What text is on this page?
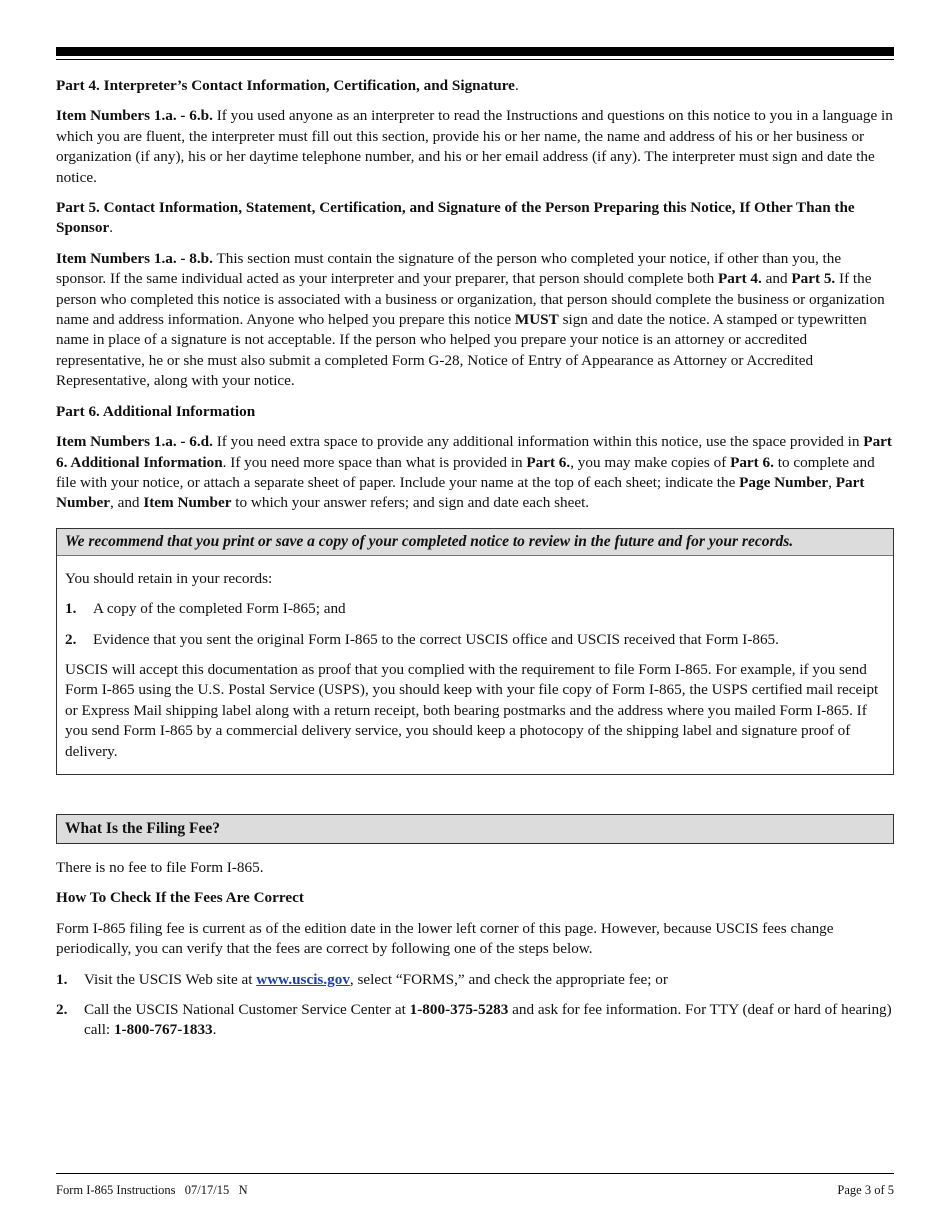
Part 4. Interpreter’s Contact Information, Certification, and Signature.

Item Numbers 1.a. - 6.b. If you used anyone as an interpreter to read the Instructions and questions on this notice to you in a language in which you are fluent, the interpreter must fill out this section, provide his or her name, the name and address of his or her business or organization (if any), his or her daytime telephone number, and his or her email address (if any). The interpreter must sign and date the notice.

Part 5. Contact Information, Statement, Certification, and Signature of the Person Preparing this Notice, If Other Than the Sponsor.

Item Numbers 1.a. - 8.b. This section must contain the signature of the person who completed your notice, if other than you, the sponsor. If the same individual acted as your interpreter and your preparer, that person should complete both Part 4. and Part 5. If the person who completed this notice is associated with a business or organization, that person should complete the business or organization name and address information. Anyone who helped you prepare this notice MUST sign and date the notice. A stamped or typewritten name in place of a signature is not acceptable. If the person who helped you prepare your notice is an attorney or accredited representative, he or she must also submit a completed Form G-28, Notice of Entry of Appearance as Attorney or Accredited Representative, along with your notice.

Part 6. Additional Information

Item Numbers 1.a. - 6.d. If you need extra space to provide any additional information within this notice, use the space provided in Part 6. Additional Information. If you need more space than what is provided in Part 6., you may make copies of Part 6. to complete and file with your notice, or attach a separate sheet of paper. Include your name at the top of each sheet; indicate the Page Number, Part Number, and Item Number to which your answer refers; and sign and date each sheet.

We recommend that you print or save a copy of your completed notice to review in the future and for your records.

You should retain in your records:

1.	A copy of the completed Form I-865; and
2.	Evidence that you sent the original Form I-865 to the correct USCIS office and USCIS received that Form I-865.

USCIS will accept this documentation as proof that you complied with the requirement to file Form I-865. For example, if you send Form I-865 using the U.S. Postal Service (USPS), you should keep with your file copy of Form I-865, the USPS certified mail receipt or Express Mail shipping label along with a return receipt, both bearing postmarks and the address where you mailed Form I-865. If you send Form I-865 by a commercial delivery service, you should keep a photocopy of the shipping label and signature proof of delivery.

What Is the Filing Fee?

There is no fee to file Form I-865.

How To Check If the Fees Are Correct

Form I-865 filing fee is current as of the edition date in the lower left corner of this page. However, because USCIS fees change periodically, you can verify that the fees are correct by following one of the steps below.

1.	Visit the USCIS Web site at www.uscis.gov, select “FORMS,” and check the appropriate fee; or
2.	Call the USCIS National Customer Service Center at 1-800-375-5283 and ask for fee information. For TTY (deaf or hard of hearing) call: 1-800-767-1833.
Form I-865 Instructions   07/17/15   N	Page 3 of 5
